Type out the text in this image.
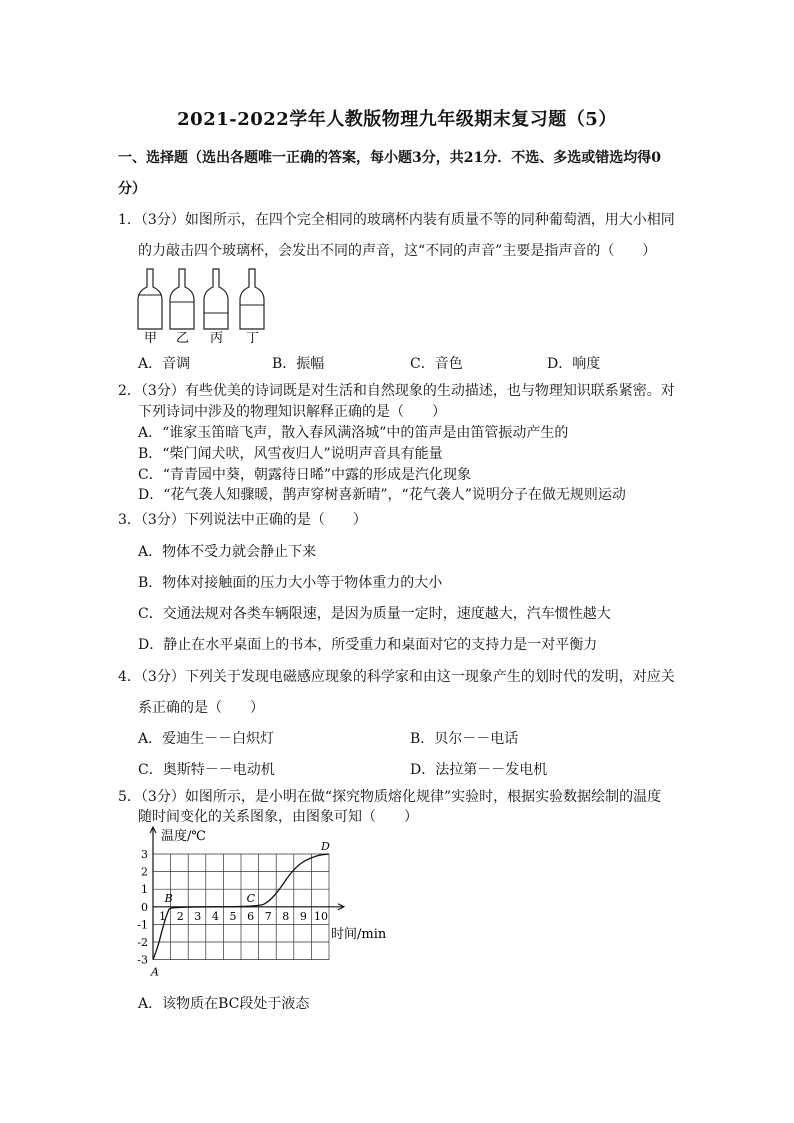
2021-2022学年人教版物理九年级期末复习题（5）
一、选择题（选出各题唯一正确的答案，每小题3分，共21分．不选、多选或错选均得0
分）
1．（3分）如图所示，在四个完全相同的玻璃杯内装有质量不等的同种葡萄酒，用大小相同
的力敲击四个玻璃杯，会发出不同的声音，这“不同的声音”主要是指声音的（　　）
甲 乙 丙 丁
A．音调	B．振幅	C．音色	D．响度
2．（3分）有些优美的诗词既是对生活和自然现象的生动描述，也与物理知识联系紧密。对
下列诗词中涉及的物理知识解释正确的是（　　）
A．“谁家玉笛暗飞声，散入春风满洛城”中的笛声是由笛管振动产生的
B．“柴门闻犬吠，风雪夜归人”说明声音具有能量
C．“青青园中葵，朝露待日晞”中露的形成是汽化现象
D．“花气袭人知骤暖，鹊声穿树喜新晴”，“花气袭人”说明分子在做无规则运动
3．（3分）下列说法中正确的是（　　）
A．物体不受力就会静止下来
B．物体对接触面的压力大小等于物体重力的大小
C．交通法规对各类车辆限速，是因为质量一定时，速度越大，汽车惯性越大
D．静止在水平桌面上的书本，所受重力和桌面对它的支持力是一对平衡力
4．（3分）下列关于发现电磁感应现象的科学家和由这一现象产生的划时代的发明，对应关
系正确的是（　　）
A．爱迪生－－白炽灯	B．贝尔－－电话
C．奥斯特－－电动机	D．法拉第－－发电机
5．（3分）如图所示，是小明在做“探究物质熔化规律”实验时，根据实验数据绘制的温度
随时间变化的关系图象，由图象可知（　　）
3
2
1
0
-1
-2
-3
1 2 3 4 5 6 7 8 9 10
A
B	C
D
温度/℃
时间/min
A．该物质在BC段处于液态
